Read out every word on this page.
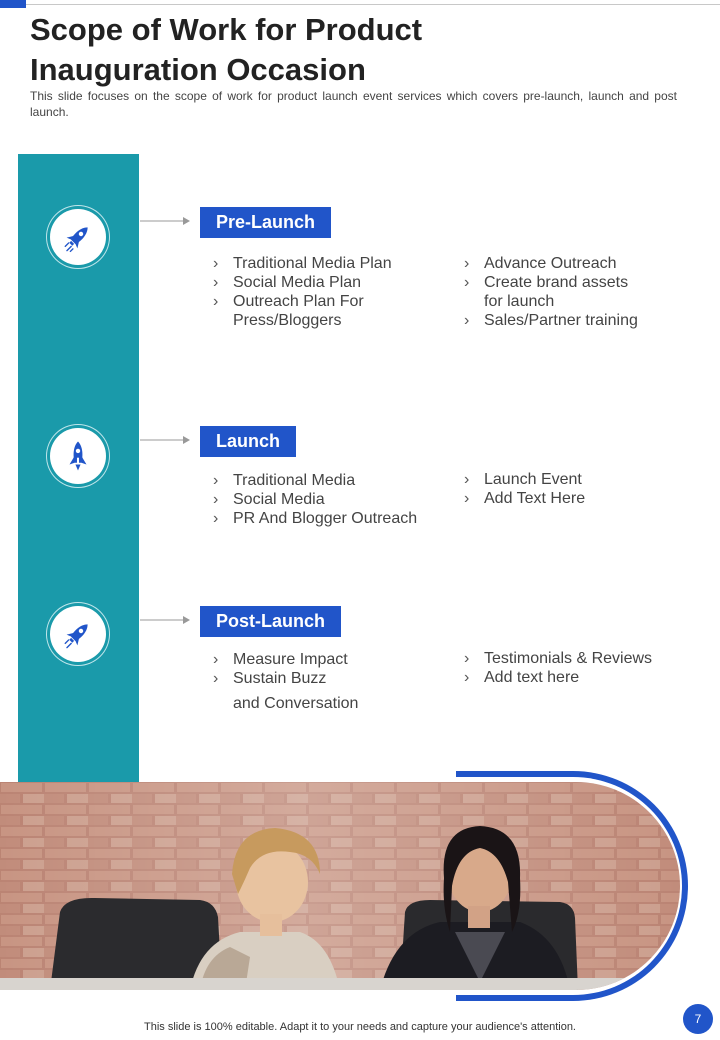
Scope of Work for Product
Inauguration Occasion

This slide focuses on the scope of work for product launch event services which covers pre-launch, launch and post launch.

Pre-Launch
› Traditional Media Plan
› Social Media Plan
› Outreach Plan For
Press/Bloggers
› Advance Outreach
› Create brand assets
for launch
› Sales/Partner training
Launch
› Traditional Media
› Social Media
› PR And Blogger Outreach
› Launch Event
› Add Text Here
Post-Launch
› Measure Impact
› Sustain Buzz
and Conversation
› Testimonials & Reviews
› Add text here
This slide is 100% editable. Adapt it to your needs and capture your audience's attention.
7
